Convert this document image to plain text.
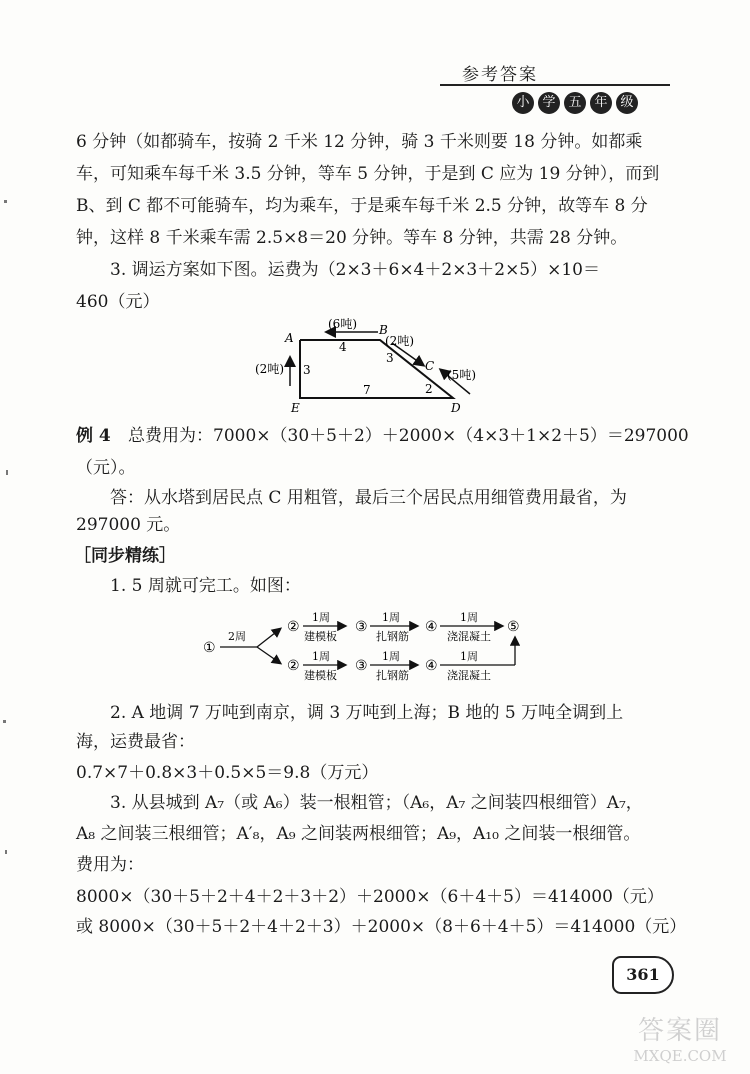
参考答案
小 学 五 年 级
6 分钟（如都骑车，按骑 2 千米 12 分钟，骑 3 千米则要 18 分钟。如都乘
车，可知乘车每千米 3.5 分钟，等车 5 分钟，于是到 C 应为 19 分钟），而到
B、到 C 都不可能骑车，均为乘车，于是乘车每千米 2.5 分钟，故等车 8 分
钟，这样 8 千米乘车需 2.5×8＝20 分钟。等车 8 分钟，共需 28 分钟。
3. 调运方案如下图。运费为（2×3＋6×4＋2×3＋2×5）×10＝
460（元）
A
B
C
D
E
4
3
2
7
3
(6吨)
(2吨)
(5吨)
(2吨)
例 4 总费用为：7000×（30＋5＋2）＋2000×（4×3＋1×2＋5）＝297000
（元）。
答：从水塔到居民点 C 用粗管，最后三个居民点用细管费用最省，为
297000 元。
［同步精练］
1. 5 周就可完工。如图：
①
②	③	④	⑤
②	③	④
2周
1周	1周	1周
建模板	扎钢筋	浇混凝土
1周	1周	1周
建模板	扎钢筋	浇混凝土
2. A 地调 7 万吨到南京，调 3 万吨到上海；B 地的 5 万吨全调到上
海，运费最省：
0.7×7＋0.8×3＋0.5×5＝9.8（万元）
3. 从县城到 A₇（或 A₆）装一根粗管；（A₆，A₇ 之间装四根细管）A₇，
A₈ 之间装三根细管；A′₈，A₉ 之间装两根细管；A₉，A₁₀ 之间装一根细管。
费用为：
8000×（30＋5＋2＋4＋2＋3＋2）＋2000×（6＋4＋5）＝414000（元）
或 8000×（30＋5＋2＋4＋2＋3）＋2000×（8＋6＋4＋5）＝414000（元）
361
答案圈
MXQE.COM
